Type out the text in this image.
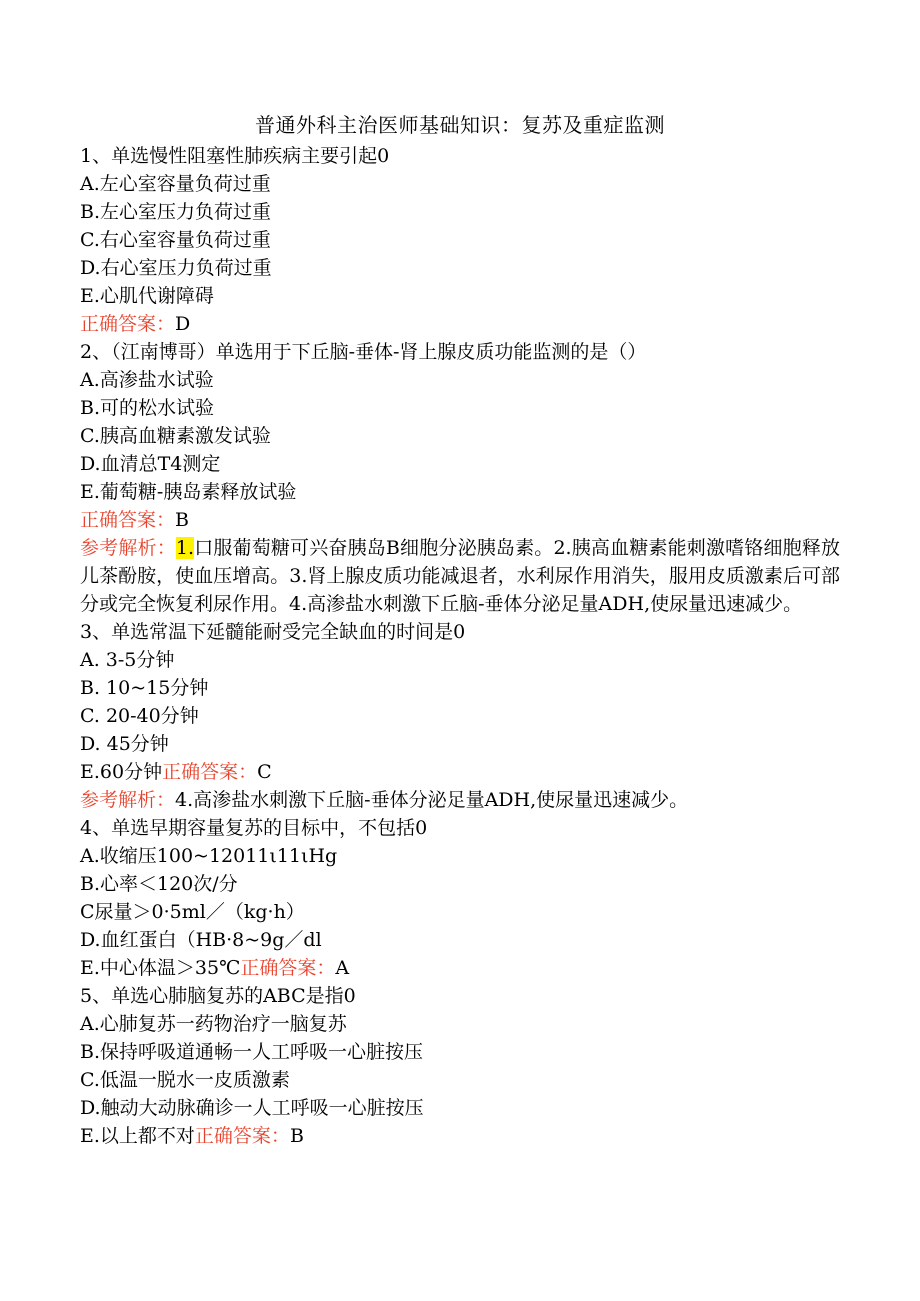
普通外科主治医师基础知识：复苏及重症监测
1、单选慢性阻塞性肺疾病主要引起0
A.左心室容量负荷过重
B.左心室压力负荷过重
C.右心室容量负荷过重
D.右心室压力负荷过重
E.心肌代谢障碍
正确答案：D
2、（江南博哥）单选用于下丘脑-垂体-肾上腺皮质功能监测的是（）
A.高渗盐水试验
B.可的松水试验
C.胰高血糖素激发试验
D.血清总T4测定
E.葡萄糖-胰岛素释放试验
正确答案：B
参考解析：1.口服葡萄糖可兴奋胰岛B细胞分泌胰岛素。2.胰高血糖素能刺激嗜铬细胞释放儿茶酚胺，使血压增高。3.肾上腺皮质功能减退者，水利尿作用消失，服用皮质激素后可部分或完全恢复利尿作用。4.高渗盐水刺激下丘脑-垂体分泌足量ADH,使尿量迅速减少。
3、单选常温下延髓能耐受完全缺血的时间是0
A. 3-5分钟
B. 10~15分钟
C. 20-40分钟
D. 45分钟
E.60分钟正确答案：C
参考解析：4.高渗盐水刺激下丘脑-垂体分泌足量ADH,使尿量迅速减少。
4、单选早期容量复苏的目标中，不包括0
A.收缩压100~12011ι11ιHg
B.心率＜120次/分
C尿量＞0·5ml／（kg·h）
D.血红蛋白（HB·8~9g／dl
E.中心体温＞35℃正确答案：A
5、单选心肺脑复苏的ABC是指0
A.心肺复苏一药物治疗一脑复苏
B.保持呼吸道通畅一人工呼吸一心脏按压
C.低温一脱水一皮质激素
D.触动大动脉确诊一人工呼吸一心脏按压
E.以上都不对正确答案：B
